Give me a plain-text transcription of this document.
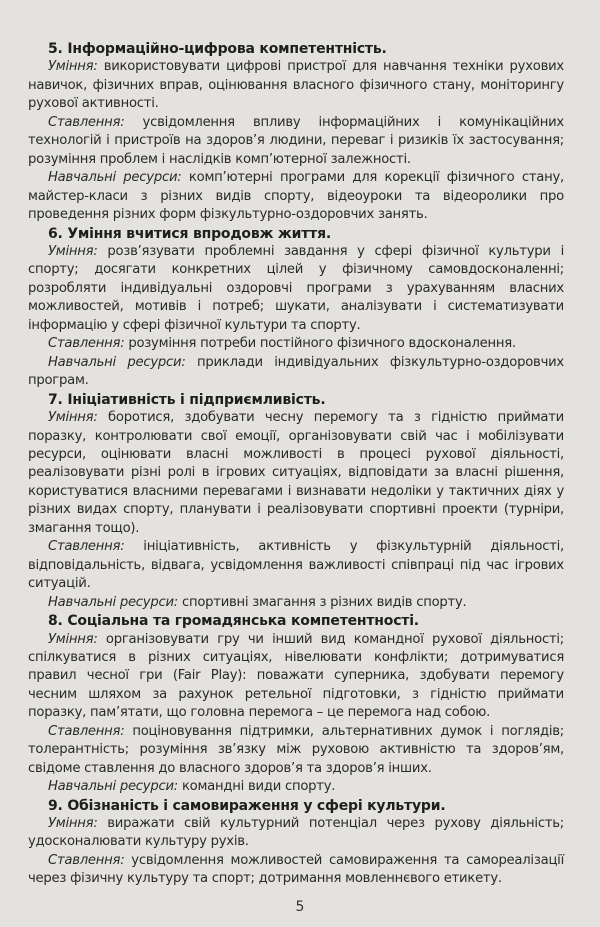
5. Інформаційно-цифрова компетентність.

Уміння: використовувати цифрові пристрої для навчання техніки рухових навичок, фізичних вправ, оцінювання власного фізичного стану, моніторингу рухової активності.

Ставлення: усвідомлення впливу інформаційних і комунікаційних технологій і пристроїв на здоров’я людини, переваг і ризиків їх застосування; розуміння проблем і наслідків комп’ютерної залежності.

Навчальні ресурси: комп’ютерні програми для корекції фізичного стану, майстер-класи з різних видів спорту, відеоуроки та відеоролики про проведення різних форм фізкультурно-оздоровчих занять.

6. Уміння вчитися впродовж життя.

Уміння: розв’язувати проблемні завдання у сфері фізичної культури і спорту; досягати конкретних цілей у фізичному самовдосконаленні; розробляти індивідуальні оздоровчі програми з урахуванням власних можливостей, мотивів і потреб; шукати, аналізувати і систематизувати інформацію у сфері фізичної культури та спорту.

Ставлення: розуміння потреби постійного фізичного вдосконалення.

Навчальні ресурси: приклади індивідуальних фізкультурно-оздоровчих програм.

7. Ініціативність і підприємливість.

Уміння: боротися, здобувати чесну перемогу та з гідністю приймати поразку, контролювати свої емоції, організовувати свій час і мобілізувати ресурси, оцінювати власні можливості в процесі рухової діяльності, реалізовувати різні ролі в ігрових ситуаціях, відповідати за власні рішення, користуватися власними перевагами і визнавати недоліки у тактичних діях у різних видах спорту, планувати і реалізовувати спортивні проекти (турніри, змагання тощо).

Ставлення: ініціативність, активність у фізкультурній діяльності, відповідальність, відвага, усвідомлення важливості співпраці під час ігрових ситуацій.

Навчальні ресурси: спортивні змагання з різних видів спорту.

8. Соціальна та громадянська компетентності.

Уміння: організовувати гру чи інший вид командної рухової діяльності; спілкуватися в різних ситуаціях, нівелювати конфлікти; дотримуватися правил чесної гри (Fair Play): поважати суперника, здобувати перемогу чесним шляхом за рахунок ретельної підготовки, з гідністю приймати поразку, пам’ятати, що головна перемога – це перемога над собою.

Ставлення: поціновування підтримки, альтернативних думок і поглядів; толерантність; розуміння зв’язку між руховою активністю та здоров’ям, свідоме ставлення до власного здоров’я та здоров’я інших.

Навчальні ресурси: командні види спорту.

9. Обізнаність і самовираження у сфері культури.

Уміння: виражати свій культурний потенціал через рухову діяльність; удосконалювати культуру рухів.

Ставлення: усвідомлення можливостей самовираження та самореалізації через фізичну культуру та спорт; дотримання мовленнєвого етикету.

5
